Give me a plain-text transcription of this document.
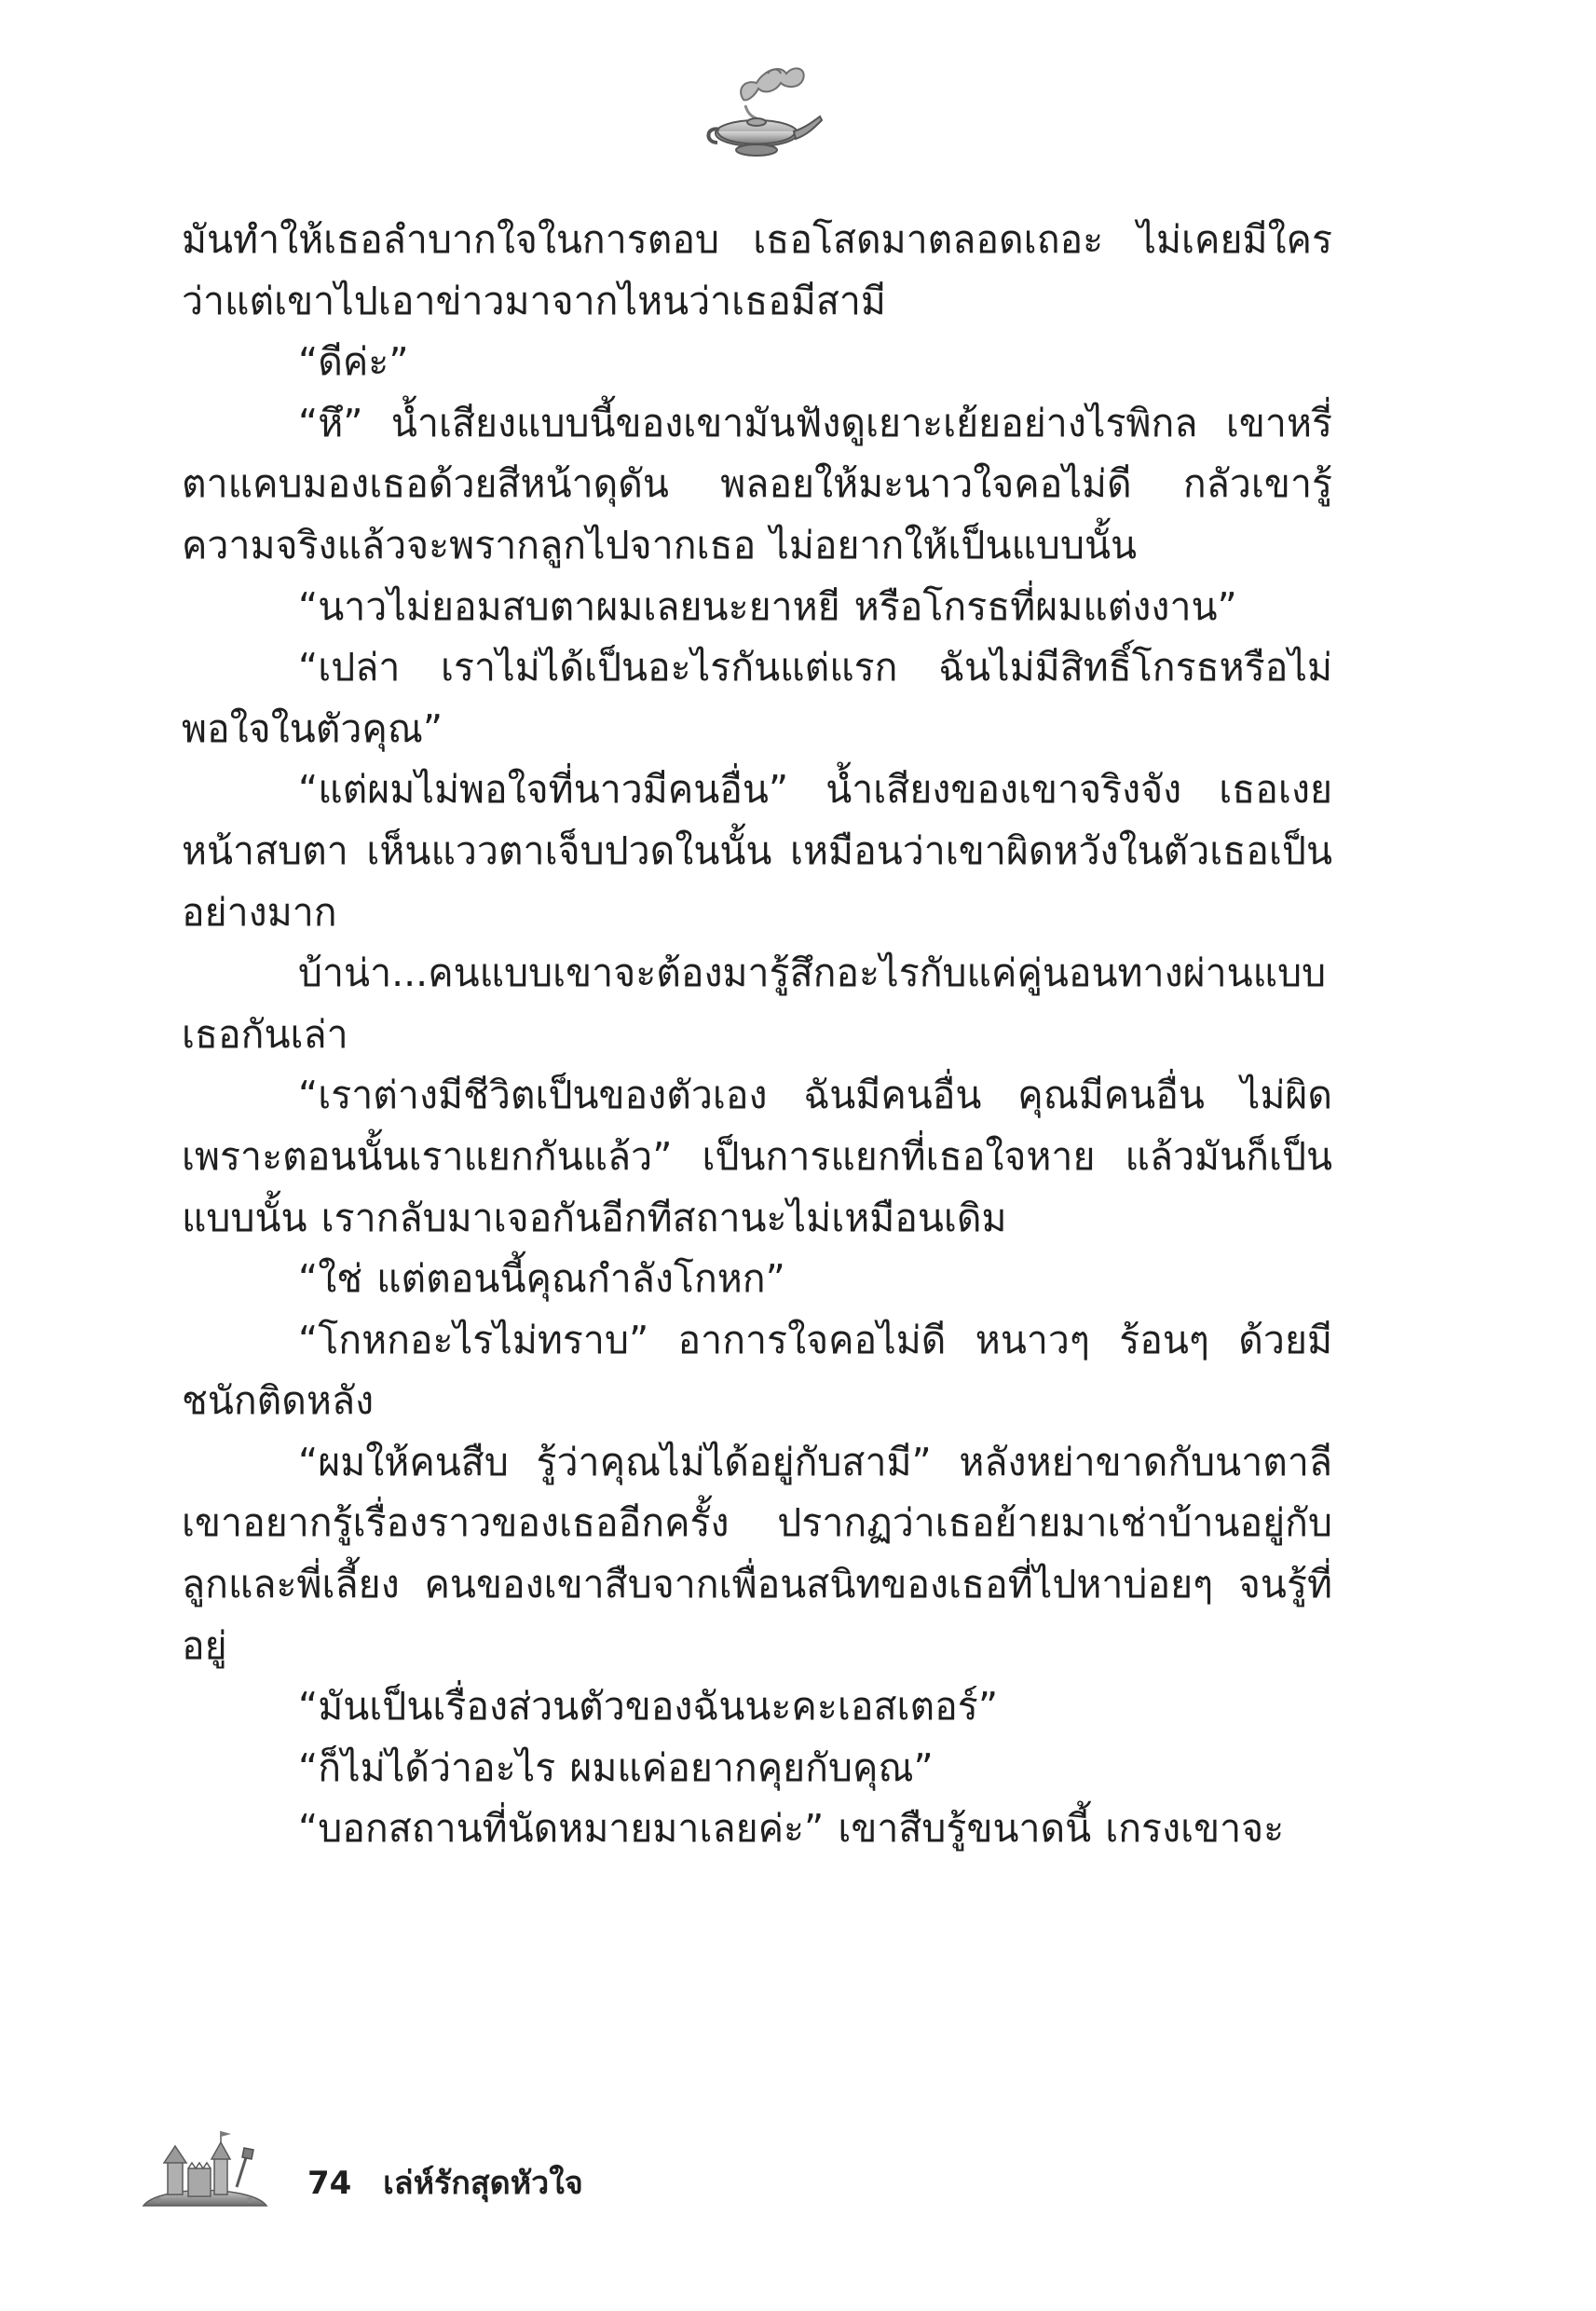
มันทำให้เธอลำบากใจในการตอบ เธอโสดมาตลอดเถอะ ไม่เคยมีใครว่าแต่เขาไปเอาข่าวมาจากไหนว่าเธอมีสามี

“ดีค่ะ”

“หึ” น้ำเสียงแบบนี้ของเขามันฟังดูเยาะเย้ยอย่างไรพิกล เขาหรี่ตาแคบมองเธอด้วยสีหน้าดุดัน พลอยให้มะนาวใจคอไม่ดี กลัวเขารู้ความจริงแล้วจะพรากลูกไปจากเธอ ไม่อยากให้เป็นแบบนั้น

“นาวไม่ยอมสบตาผมเลยนะยาหยี หรือโกรธที่ผมแต่งงาน”

“เปล่า เราไม่ได้เป็นอะไรกันแต่แรก ฉันไม่มีสิทธิ์โกรธหรือไม่พอใจในตัวคุณ”

“แต่ผมไม่พอใจที่นาวมีคนอื่น” น้ำเสียงของเขาจริงจัง เธอเงยหน้าสบตา เห็นแววตาเจ็บปวดในนั้น เหมือนว่าเขาผิดหวังในตัวเธอเป็นอย่างมาก

บ้าน่า...คนแบบเขาจะต้องมารู้สึกอะไรกับแค่คู่นอนทางผ่านแบบเธอกันเล่า

“เราต่างมีชีวิตเป็นของตัวเอง ฉันมีคนอื่น คุณมีคนอื่น ไม่ผิดเพราะตอนนั้นเราแยกกันแล้ว” เป็นการแยกที่เธอใจหาย แล้วมันก็เป็นแบบนั้น เรากลับมาเจอกันอีกทีสถานะไม่เหมือนเดิม

“ใช่ แต่ตอนนี้คุณกำลังโกหก”

“โกหกอะไรไม่ทราบ” อาการใจคอไม่ดี หนาวๆ ร้อนๆ ด้วยมีชนักติดหลัง

“ผมให้คนสืบ รู้ว่าคุณไม่ได้อยู่กับสามี” หลังหย่าขาดกับนาตาลีเขาอยากรู้เรื่องราวของเธออีกครั้ง ปรากฏว่าเธอย้ายมาเช่าบ้านอยู่กับลูกและพี่เลี้ยง คนของเขาสืบจากเพื่อนสนิทของเธอที่ไปหาบ่อยๆ จนรู้ที่อยู่

“มันเป็นเรื่องส่วนตัวของฉันนะคะเอสเตอร์”

“ก็ไม่ได้ว่าอะไร ผมแค่อยากคุยกับคุณ”

“บอกสถานที่นัดหมายมาเลยค่ะ” เขาสืบรู้ขนาดนี้ เกรงเขาจะ

74 เล่ห์รักสุดหัวใจ
